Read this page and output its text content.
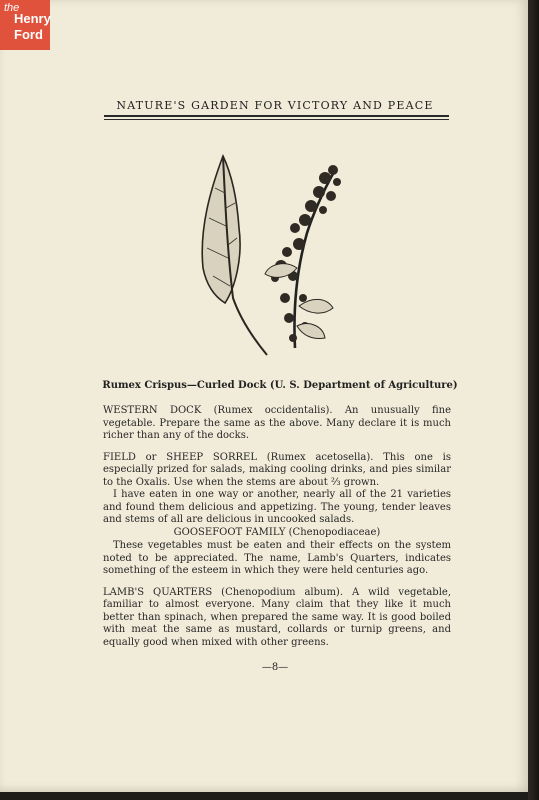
the
Henry
Ford
NATURE'S GARDEN FOR VICTORY AND PEACE
Rumex Crispus—Curled Dock (U. S. Department of Agriculture)

WESTERN DOCK (Rumex occidentalis). An unusually fine vegetable. Prepare the same as the above. Many declare it is much richer than any of the docks.

FIELD or SHEEP SORREL (Rumex acetosella). This one is especially prized for salads, making cooling drinks, and pies similar to the Oxalis. Use when the stems are about ⅔ grown.

I have eaten in one way or another, nearly all of the 21 varieties and found them delicious and appetizing. The young, tender leaves and stems of all are delicious in uncooked salads.

GOOSEFOOT FAMILY (Chenopodiaceae)

These vegetables must be eaten and their effects on the system noted to be appreciated. The name, Lamb's Quarters, indicates something of the esteem in which they were held centuries ago.

LAMB'S QUARTERS (Chenopodium album). A wild vegetable, familiar to almost everyone. Many claim that they like it much better than spinach, when prepared the same way. It is good boiled with meat the same as mustard, collards or turnip greens, and equally good when mixed with other greens.

—8—
